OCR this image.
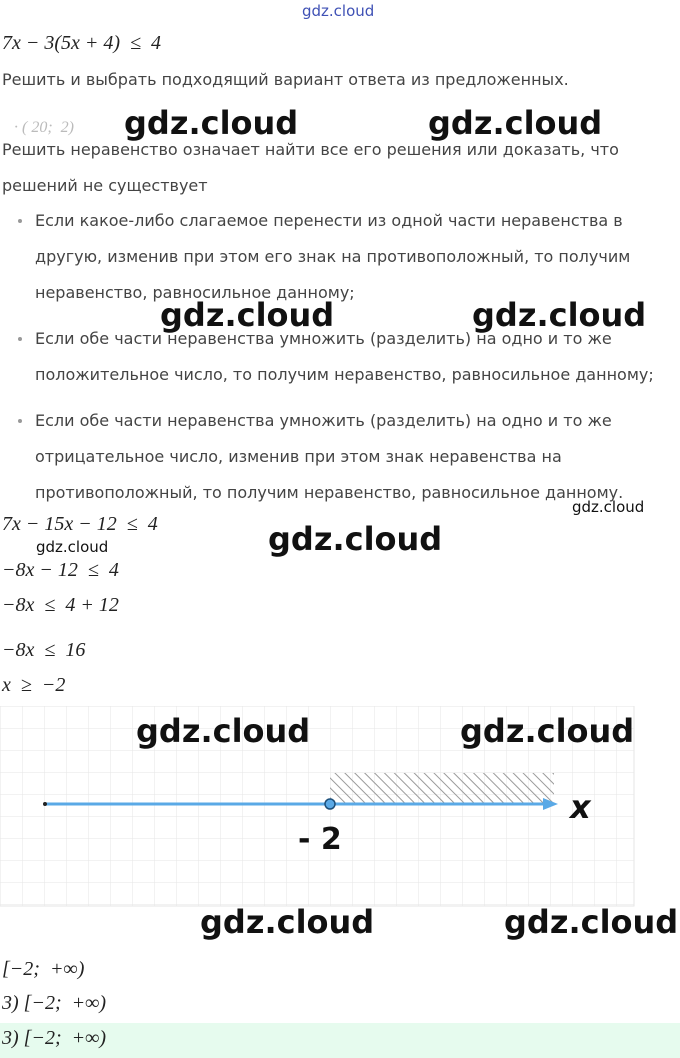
gdz.cloud
7x − 3(5x + 4)  ≤  4
Решить и выбрать подходящий вариант ответа из предложенных.
· ( 20;  2)
Решить неравенство означает найти все его решения или доказать, что
решений не существует
Если какое-либо слагаемое перенести из одной части неравенства в
другую, изменив при этом его знак на противоположный, то получим
неравенство, равносильное данному;
Если обе части неравенства умножить (разделить) на одно и то же
положительное число, то получим неравенство, равносильное данному;
Если обе части неравенства умножить (разделить) на одно и то же
отрицательное число, изменив при этом знак неравенства на
противоположный, то получим неравенство, равносильное данному.
7x − 15x − 12  ≤  4
−8x − 12  ≤  4
−8x  ≤  4 + 12
−8x  ≤  16
x  ≥  −2
- 2
x
[−2;  +∞)
3) [−2;  +∞)
3) [−2;  +∞)
gdz.cloud	gdz.cloud
gdz.cloud	gdz.cloud
gdz.cloud
gdz.cloud
gdz.cloud
gdz.cloud	gdz.cloud
gdz.cloud	gdz.cloud
